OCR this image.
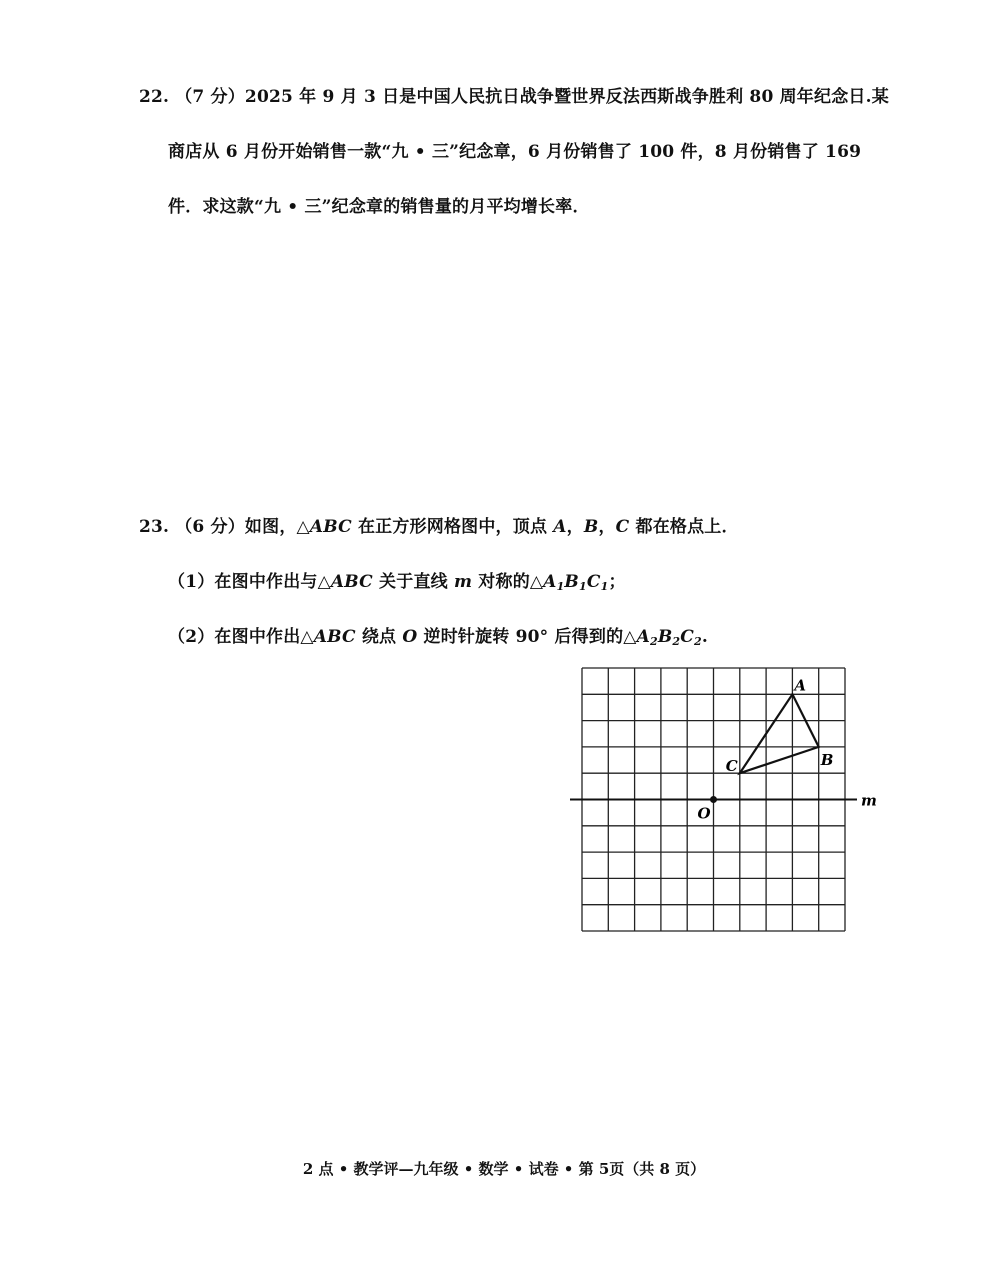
22. （7 分）2025 年 9 月 3 日是中国人民抗日战争暨世界反法西斯战争胜利 80 周年纪念日.某
商店从 6 月份开始销售一款“九 • 三”纪念章，6 月份销售了 100 件，8 月份销售了 169
件．求这款“九 • 三”纪念章的销售量的月平均增长率．
23. （6 分）如图，△ABC 在正方形网格图中，顶点 A，B，C 都在格点上．
（1）在图中作出与△ABC 关于直线 m 对称的$\triangle A_1B_1C_1$；
（2）在图中作出△ABC 绕点 O 逆时针旋转 90° 后得到的$\triangle A_2B_2C_2$.
A
B
C
O
m
2 点 • 教学评—九年级 • 数学 • 试卷 • 第 5页（共 8 页）
